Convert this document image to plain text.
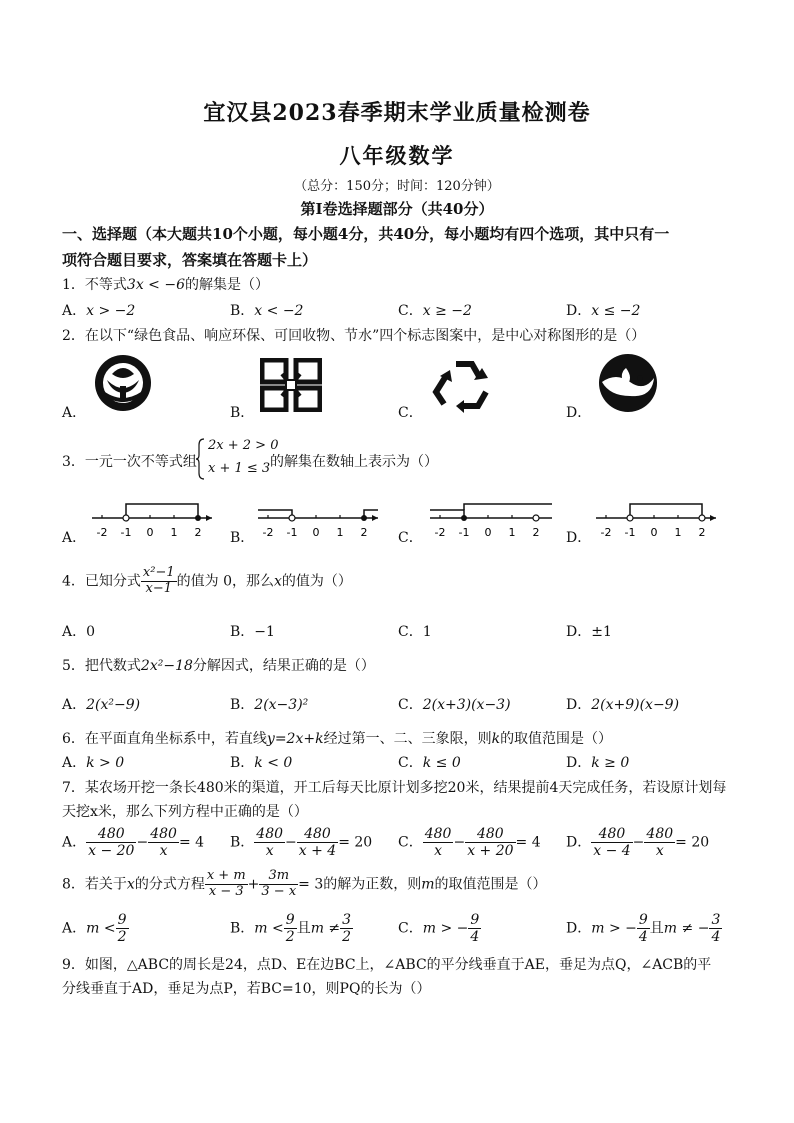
宜汉县2023春季期末学业质量检测卷
八年级数学
（总分：150分；时间：120分钟）
第Ⅰ卷选择题部分（共40分）
一、选择题（本大题共10个小题，每小题4分，共40分，每小题均有四个选项，其中只有一
项符合题目要求，答案填在答题卡上）
1．不等式3x < −6的解集是（）
A．x > −2	B．x < −2	C．x ≥ −2	D．x ≤ −2
2．在以下“绿色食品、响应环保、可回收物、节水”四个标志图案中，是中心对称图形的是（）
A．	B．	C．	D．
3．一元一次不等式组
2x + 2 > 0
x + 1 ≤ 3 的解集在数轴上表示为（）
A． -2 -1 0 1 2 B． -2 -1 0 1 2 C． -2 -1 0 1 2 D． -2 -1 0 1 2
4．已知分式 $\frac{\text{x²−1}}{x-1}$ 的值为 0，那么x的值为（）
A．0	B．−1	C．1	D．±1
5．把代数式2x²−18分解因式，结果正确的是（）
A．2(x²−9)	B．2(x−3)²	C．2(x+3)(x−3)	D．2(x+9)(x−9)
6．在平面直角坐标系中，若直线y=2x+k经过第一、二、三象限，则k的取值范围是（）
A．k > 0	B．k < 0	C．k ≤ 0	D．k ≥ 0
7．某农场开挖一条长480米的渠道，开工后每天比原计划多挖20米，结果提前4天完成任务，若设原计划每
天挖x米，那么下列方程中正确的是（）
A． $\frac{480}{x - 20} - \frac{480}{x} = 4$ B． $\frac{480}{x} - \frac{480}{x + 4} = 20$ C． $\frac{480}{x} - \frac{480}{x + 20} = 4$ D． $\frac{480}{x - 4} - \frac{480}{x} = 20$
8．若关于x的分式方程 $\frac{x + m}{x - 3} + \frac{3m}{3 - x} = 3$的解为正数，则m的取值范围是（）
A．$m < \frac{9}{2}$	B．$m < \frac{9}{2}$ 且$m \ne \frac{3}{2}$	C．m > − $\frac{9}{4}$	D．m > − $\frac{9}{4}$ 且m ≠ − $\frac{3}{4}$
9．如图，△ABC的周长是24，点D、E在边BC上，∠ABC的平分线垂直于AE，垂足为点Q，∠ACB的平
分线垂直于AD，垂足为点P，若BC=10，则PQ的长为（）
